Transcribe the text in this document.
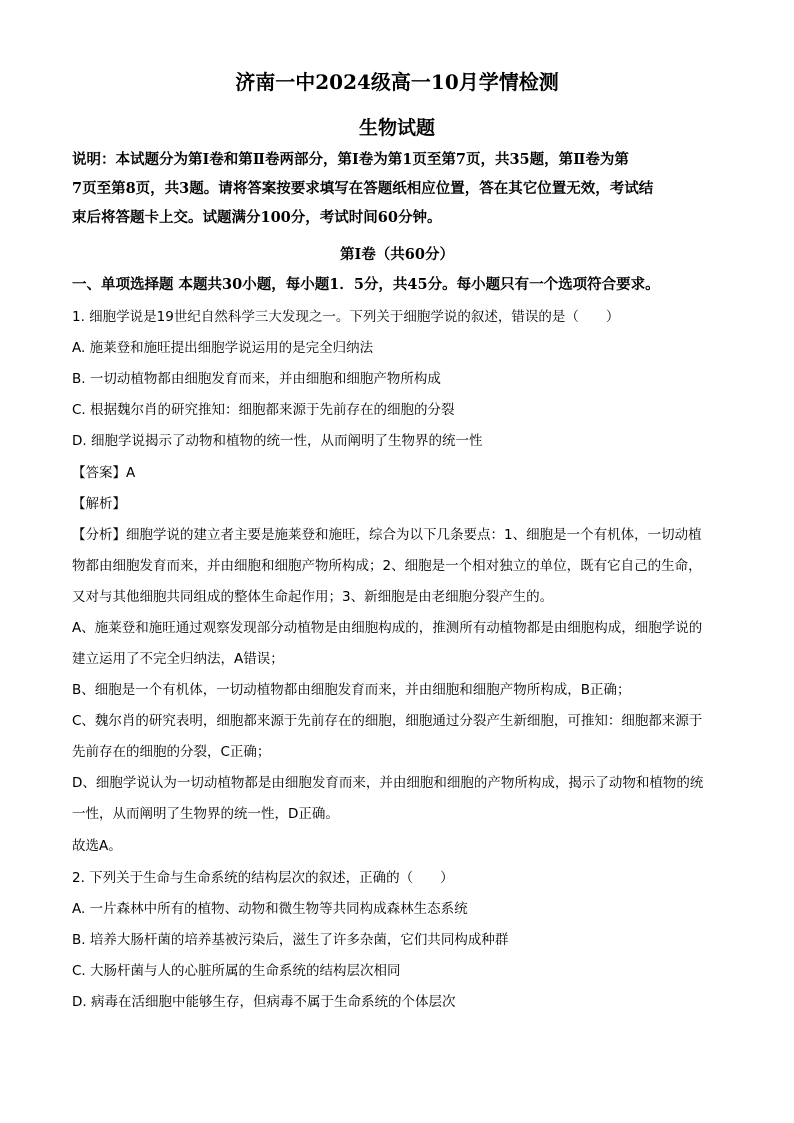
济南一中2024级高一10月学情检测
生物试题
说明：本试题分为第Ⅰ卷和第Ⅱ卷两部分，第Ⅰ卷为第1页至第7页，共35题，第Ⅱ卷为第
7页至第8页，共3题。请将答案按要求填写在答题纸相应位置，答在其它位置无效，考试结
束后将答题卡上交。试题满分100分，考试时间60分钟。
第Ⅰ卷（共60分）
一、单项选择题 本题共30小题，每小题1．5分，共45分。每小题只有一个选项符合要求。
1. 细胞学说是19世纪自然科学三大发现之一。下列关于细胞学说的叙述，错误的是（　　）
A. 施莱登和施旺提出细胞学说运用的是完全归纳法
B. 一切动植物都由细胞发育而来，并由细胞和细胞产物所构成
C. 根据魏尔肖的研究推知：细胞都来源于先前存在的细胞的分裂
D. 细胞学说揭示了动物和植物的统一性，从而阐明了生物界的统一性
【答案】A
【解析】
【分析】细胞学说的建立者主要是施莱登和施旺，综合为以下几条要点：1、细胞是一个有机体，一切动植
物都由细胞发育而来，并由细胞和细胞产物所构成；2、细胞是一个相对独立的单位，既有它自己的生命，
又对与其他细胞共同组成的整体生命起作用；3、新细胞是由老细胞分裂产生的。
A、施莱登和施旺通过观察发现部分动植物是由细胞构成的，推测所有动植物都是由细胞构成，细胞学说的
建立运用了不完全归纳法，A错误；
B、细胞是一个有机体，一切动植物都由细胞发育而来，并由细胞和细胞产物所构成，B正确；
C、魏尔肖的研究表明，细胞都来源于先前存在的细胞，细胞通过分裂产生新细胞，可推知：细胞都来源于
先前存在的细胞的分裂，C正确；
D、细胞学说认为一切动植物都是由细胞发育而来，并由细胞和细胞的产物所构成，揭示了动物和植物的统
一性，从而阐明了生物界的统一性，D正确。
故选A。
2. 下列关于生命与生命系统的结构层次的叙述，正确的（　　）
A. 一片森林中所有的植物、动物和微生物等共同构成森林生态系统
B. 培养大肠杆菌的培养基被污染后，滋生了许多杂菌，它们共同构成种群
C. 大肠杆菌与人的心脏所属的生命系统的结构层次相同
D. 病毒在活细胞中能够生存，但病毒不属于生命系统的个体层次
